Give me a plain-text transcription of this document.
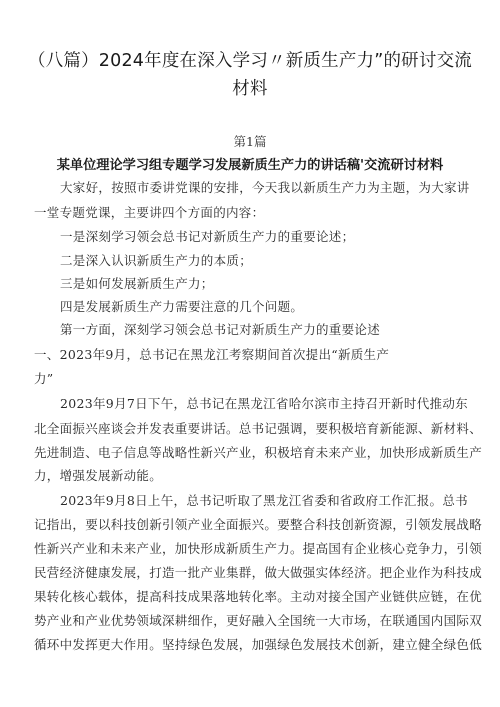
（八篇）2024年度在深入学习〃新质生产力”的研讨交流
材料
第1篇
某单位理论学习组专题学习发展新质生产力的讲话稿'交流研讨材料
大家好，按照市委讲党课的安排，今天我以新质生产力为主题，为大家讲
一堂专题党课，主要讲四个方面的内容：
一是深刻学习领会总书记对新质生产力的重要论述；
二是深入认识新质生产力的本质；
三是如何发展新质生产力；
四是发展新质生产力需要注意的几个问题。
第一方面，深刻学习领会总书记对新质生产力的重要论述
一、2023年9月，总书记在黑龙江考察期间首次提出“新质生产
力”
2023年9月7日下午，总书记在黑龙江省哈尔滨市主持召开新时代推动东
北全面振兴座谈会并发表重要讲话。总书记强调，要积极培育新能源、新材料、
先进制造、电子信息等战略性新兴产业，积极培育未来产业，加快形成新质生产
力，增强发展新动能。
2023年9月8日上午，总书记听取了黑龙江省委和省政府工作汇报。总书
记指出，要以科技创新引领产业全面振兴。要整合科技创新资源，引领发展战略
性新兴产业和未来产业，加快形成新质生产力。提高国有企业核心竞争力，引领
民营经济健康发展，打造一批产业集群，做大做强实体经济。把企业作为科技成
果转化核心载体，提高科技成果落地转化率。主动对接全国产业链供应链，在优
势产业和产业优势领域深耕细作，更好融入全国统一大市场，在联通国内国际双
循环中发挥更大作用。坚持绿色发展，加强绿色发展技术创新，建立健全绿色低
